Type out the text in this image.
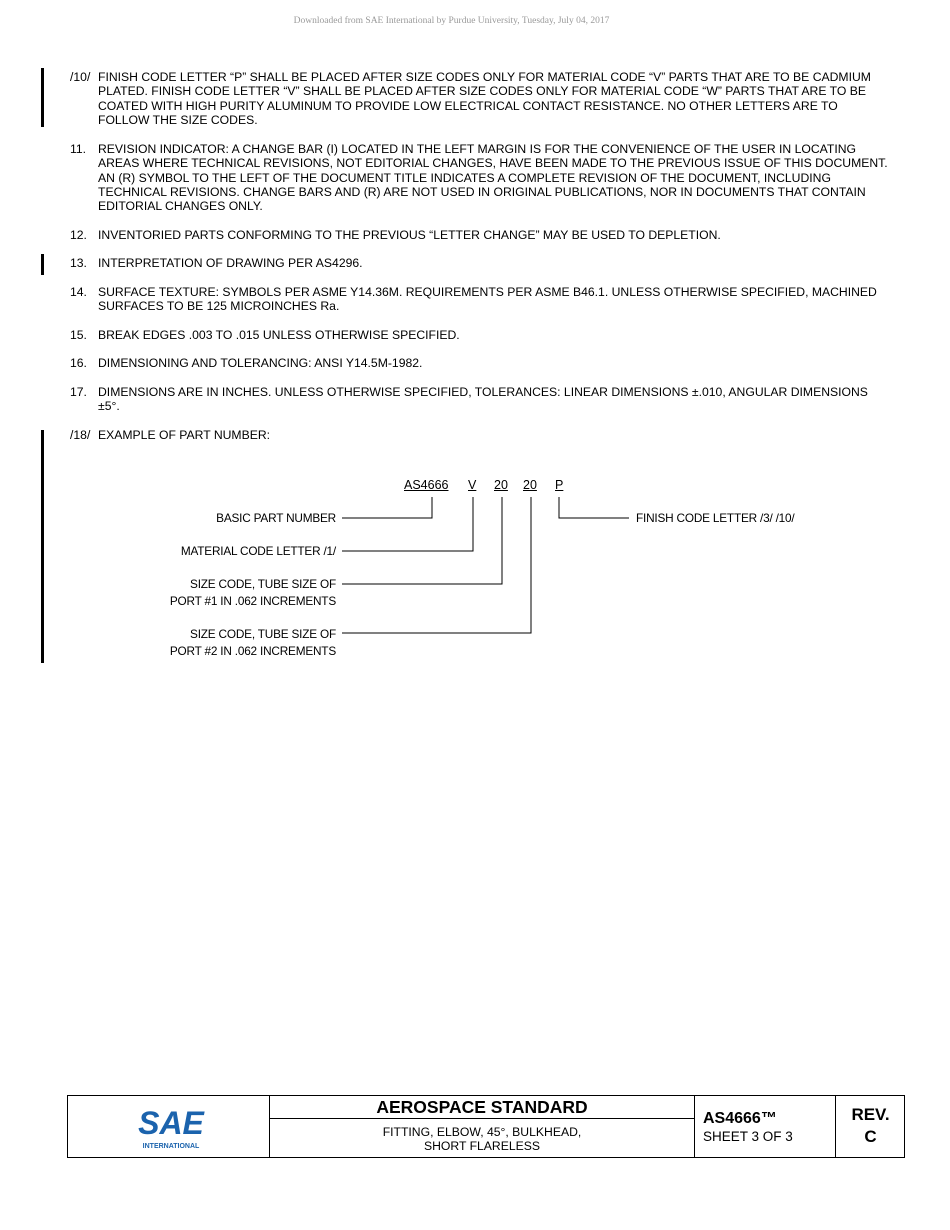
Downloaded from SAE International by Purdue University, Tuesday, July 04, 2017
/10/ FINISH CODE LETTER “P” SHALL BE PLACED AFTER SIZE CODES ONLY FOR MATERIAL CODE “V” PARTS THAT ARE TO BE CADMIUM PLATED. FINISH CODE LETTER “V” SHALL BE PLACED AFTER SIZE CODES ONLY FOR MATERIAL CODE “W” PARTS THAT ARE TO BE COATED WITH HIGH PURITY ALUMINUM TO PROVIDE LOW ELECTRICAL CONTACT RESISTANCE. NO OTHER LETTERS ARE TO FOLLOW THE SIZE CODES.
11. REVISION INDICATOR: A CHANGE BAR (I) LOCATED IN THE LEFT MARGIN IS FOR THE CONVENIENCE OF THE USER IN LOCATING AREAS WHERE TECHNICAL REVISIONS, NOT EDITORIAL CHANGES, HAVE BEEN MADE TO THE PREVIOUS ISSUE OF THIS DOCUMENT. AN (R) SYMBOL TO THE LEFT OF THE DOCUMENT TITLE INDICATES A COMPLETE REVISION OF THE DOCUMENT, INCLUDING TECHNICAL REVISIONS. CHANGE BARS AND (R) ARE NOT USED IN ORIGINAL PUBLICATIONS, NOR IN DOCUMENTS THAT CONTAIN EDITORIAL CHANGES ONLY.
12. INVENTORIED PARTS CONFORMING TO THE PREVIOUS “LETTER CHANGE” MAY BE USED TO DEPLETION.
13. INTERPRETATION OF DRAWING PER AS4296.
14. SURFACE TEXTURE: SYMBOLS PER ASME Y14.36M. REQUIREMENTS PER ASME B46.1. UNLESS OTHERWISE SPECIFIED, MACHINED SURFACES TO BE 125 MICROINCHES Ra.
15. BREAK EDGES .003 TO .015 UNLESS OTHERWISE SPECIFIED.
16. DIMENSIONING AND TOLERANCING: ANSI Y14.5M-1982.
17. DIMENSIONS ARE IN INCHES. UNLESS OTHERWISE SPECIFIED, TOLERANCES: LINEAR DIMENSIONS ±.010, ANGULAR DIMENSIONS ±5°.
/18/ EXAMPLE OF PART NUMBER:
AS4666 V 20 20 P
BASIC PART NUMBER
MATERIAL CODE LETTER /1/
SIZE CODE, TUBE SIZE OF
PORT #1 IN .062 INCREMENTS
SIZE CODE, TUBE SIZE OF
PORT #2 IN .062 INCREMENTS
FINISH CODE LETTER /3/ /10/
SAE
INTERNATIONAL
AEROSPACE STANDARD
FITTING, ELBOW, 45°, BULKHEAD,
SHORT FLARELESS
AS4666™
SHEET 3 OF 3
REV.
C
